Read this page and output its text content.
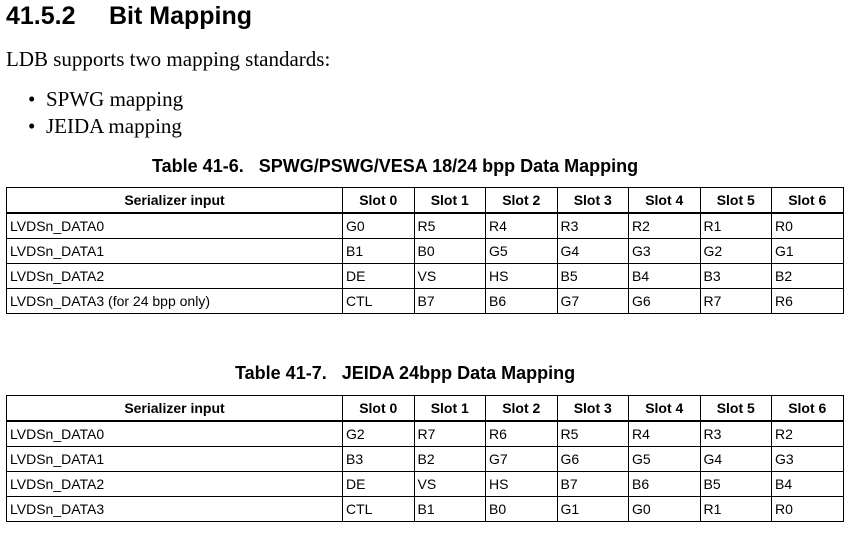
41.5.2 Bit Mapping
LDB supports two mapping standards:
• SPWG mapping
• JEIDA mapping
Table 41-6.   SPWG/PSWG/VESA 18/24 bpp Data Mapping
Serializer input	Slot 0	Slot 1	Slot 2	Slot 3	Slot 4	Slot 5	Slot 6
LVDSn_DATA0	G0	R5	R4	R3	R2	R1	R0
LVDSn_DATA1	B1	B0	G5	G4	G3	G2	G1
LVDSn_DATA2	DE	VS	HS	B5	B4	B3	B2
LVDSn_DATA3 (for 24 bpp only)	CTL	B7	B6	G7	G6	R7	R6
Table 41-7.   JEIDA 24bpp Data Mapping
Serializer input	Slot 0	Slot 1	Slot 2	Slot 3	Slot 4	Slot 5	Slot 6
LVDSn_DATA0	G2	R7	R6	R5	R4	R3	R2
LVDSn_DATA1	B3	B2	G7	G6	G5	G4	G3
LVDSn_DATA2	DE	VS	HS	B7	B6	B5	B4
LVDSn_DATA3	CTL	B1	B0	G1	G0	R1	R0
